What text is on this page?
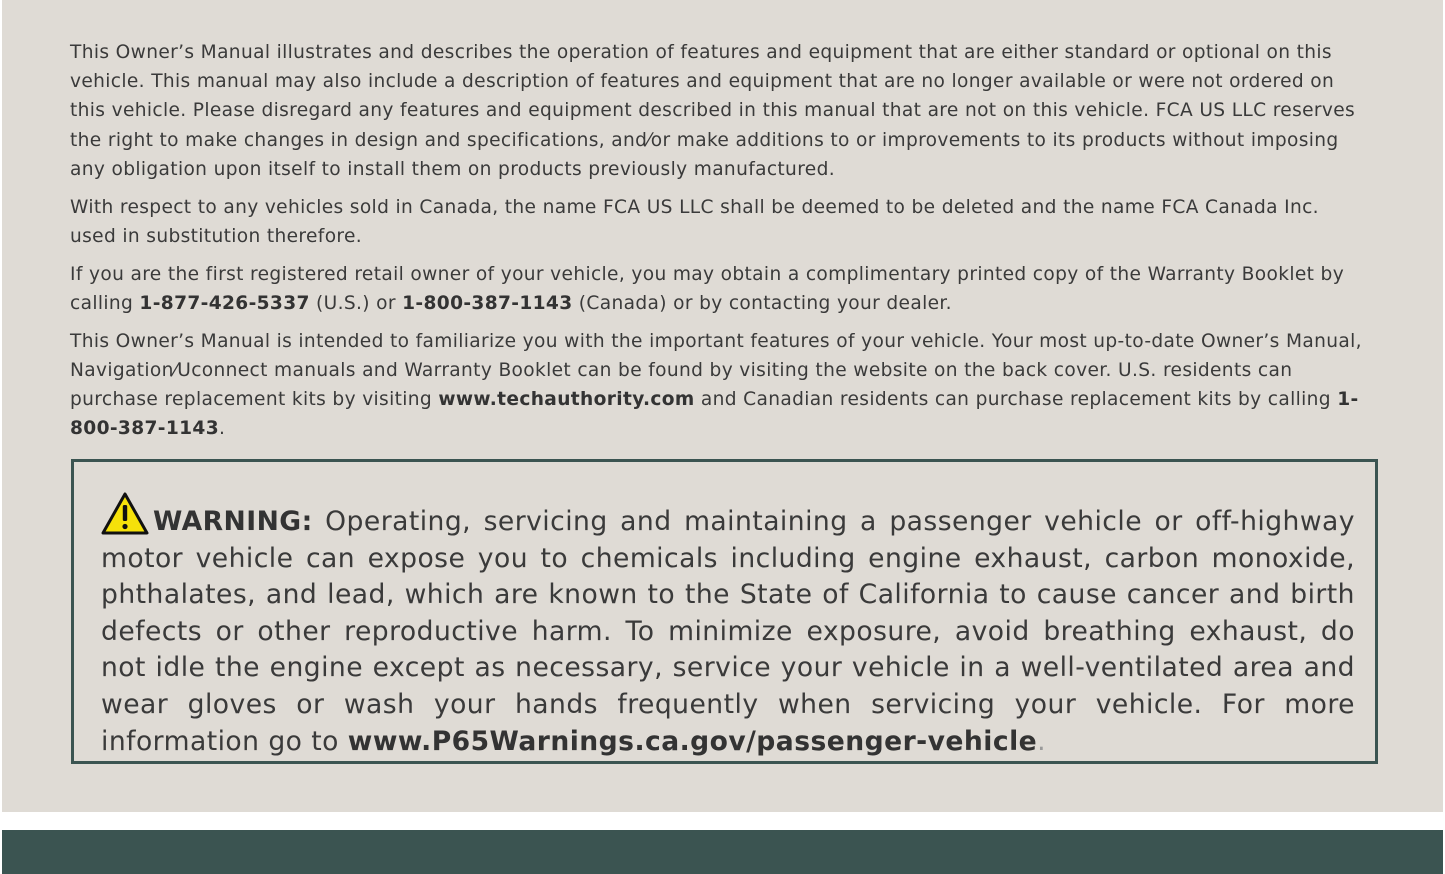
This Owner’s Manual illustrates and describes the operation of features and equipment that are either standard or optional on this vehicle. This manual may also include a description of features and equipment that are no longer available or were not ordered on this vehicle. Please disregard any features and equipment described in this manual that are not on this vehicle. FCA US LLC reserves the right to make changes in design and specifications, and⁄or make additions to or improvements to its products without imposing any obligation upon itself to install them on products previously manufactured.

With respect to any vehicles sold in Canada, the name FCA US LLC shall be deemed to be deleted and the name FCA Canada Inc. used in substitution therefore.

If you are the first registered retail owner of your vehicle, you may obtain a complimentary printed copy of the Warranty Booklet by calling 1-877-426-5337 (U.S.) or 1-800-387-1143 (Canada) or by contacting your dealer.

This Owner’s Manual is intended to familiarize you with the important features of your vehicle. Your most up-to-date Owner’s Manual, Navigation⁄Uconnect manuals and Warranty Booklet can be found by visiting the website on the back cover. U.S. residents can purchase replacement kits by visiting www.techauthority.com and Canadian residents can purchase replacement kits by calling 1-800-387-1143.

WARNING: Operating, servicing and maintaining a passenger vehicle or off-highway motor vehicle can expose you to chemicals including engine exhaust, carbon monoxide, phthalates, and lead, which are known to the State of California to cause cancer and birth defects or other reproductive harm. To minimize exposure, avoid breathing exhaust, do not idle the engine except as necessary, service your vehicle in a well-ventilated area and wear gloves or wash your hands frequently when servicing your vehicle. For more information go to www.P65Warnings.ca.gov/passenger-vehicle.
